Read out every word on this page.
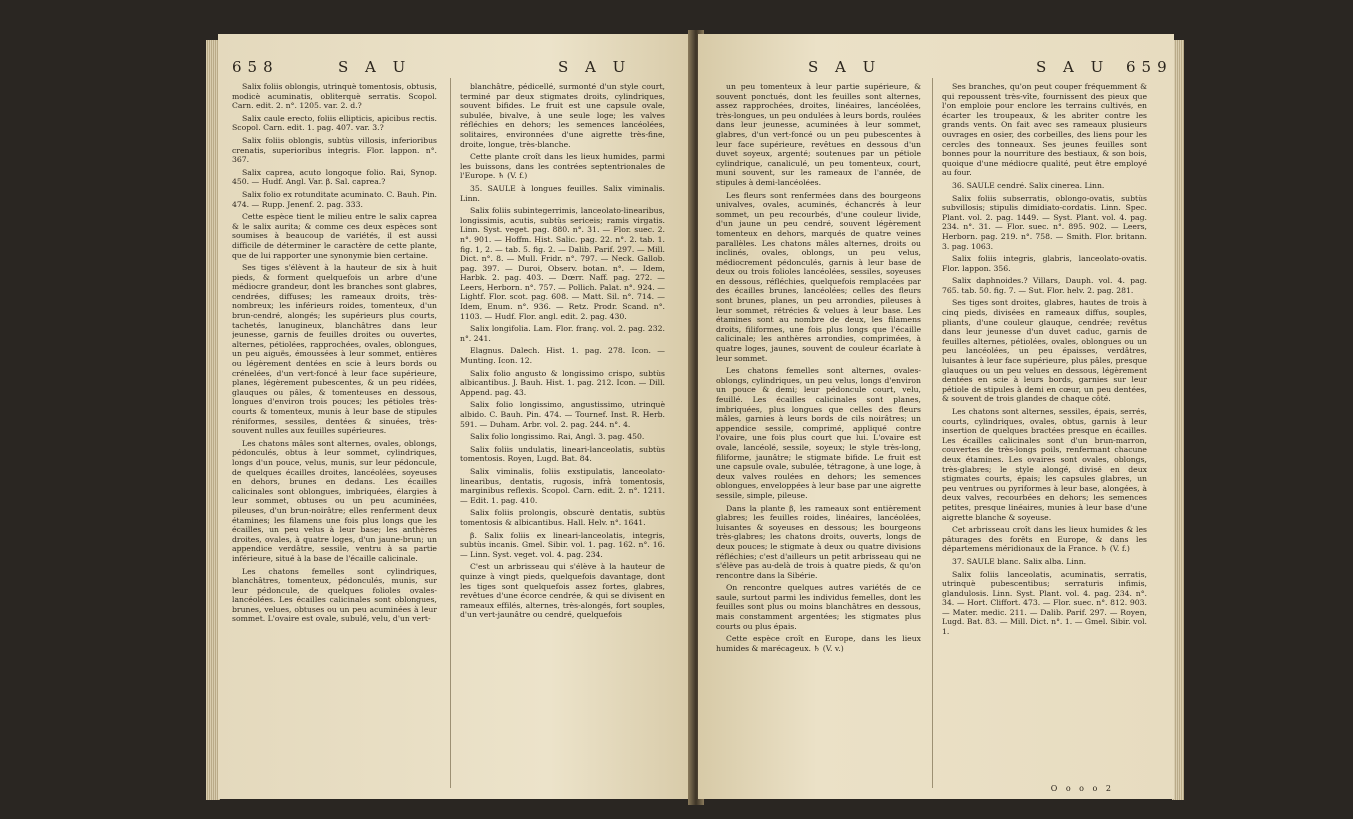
658	S A U	S A U

Salix foliis oblongis, utrinquè tomentosis, obtusis, modicè acuminatis, obliterquè serratis. Scopol. Carn. edit. 2. n°. 1205. var. 2. d.?

Salix caule erecto, foliis ellipticis, apicibus rectis. Scopol. Carn. edit. 1. pag. 407. var. 3.?

Salix foliis oblongis, subtùs villosis, inferioribus crenatis, superioribus integris. Flor. lappon. n°. 367.

Salix caprea, acuto longoque folio. Rai, Synop. 450. — Hudf. Angl. Var. β. Sal. caprea.?

Salix folio ex rotunditate acuminato. C. Bauh. Pin. 474. — Rupp. Jenenf. 2. pag. 333.

Cette espèce tient le milieu entre le salix caprea & le salix aurita; & comme ces deux espèces sont soumises à beaucoup de variétés, il est aussi difficile de déterminer le caractère de cette plante, que de lui rapporter une synonymie bien certaine.

Ses tiges s'élèvent à la hauteur de six à huit pieds, & forment quelquefois un arbre d'une médiocre grandeur, dont les branches sont glabres, cendrées, diffuses; les rameaux droits, très-nombreux; les inférieurs roides, tomenteux, d'un brun-cendré, alongés; les supérieurs plus courts, tachetés, lanugineux, blanchâtres dans leur jeunesse, garnis de feuilles droites ou ouvertes, alternes, pétiolées, rapprochées, ovales, oblongues, un peu aiguës, émoussées à leur sommet, entières ou légèrement dentées en scie à leurs bords ou crénelées, d'un vert-foncé à leur face supérieure, planes, légèrement pubescentes, & un peu ridées, glauques ou pâles, & tomenteuses en dessous, longues d'environ trois pouces; les pétioles très-courts & tomenteux, munis à leur base de stipules réniformes, sessiles, dentées & sinuées, très-souvent nulles aux feuilles supérieures.

Les chatons mâles sont alternes, ovales, oblongs, pédonculés, obtus à leur sommet, cylindriques, longs d'un pouce, velus, munis, sur leur pédoncule, de quelques écailles droites, lancéolées, soyeuses en dehors, brunes en dedans. Les écailles calicinales sont oblongues, imbriquées, élargies à leur sommet, obtuses ou un peu acuminées, pileuses, d'un brun-noirâtre; elles renferment deux étamines; les filamens une fois plus longs que les écailles, un peu velus à leur base; les anthères droites, ovales, à quatre loges, d'un jaune-brun; un appendice verdâtre, sessile, ventru à sa partie inférieure, situé à la base de l'écaille calicinale.

Les chatons femelles sont cylindriques, blanchâtres, tomenteux, pédonculés, munis, sur leur pédoncule, de quelques folioles ovales-lancéolées. Les écailles calicinales sont oblongues, brunes, velues, obtuses ou un peu acuminées à leur sommet. L'ovaire est ovale, subulé, velu, d'un vert-

blanchâtre, pédicellé, surmonté d'un style court, terminé par deux stigmates droits, cylindriques, souvent bifides. Le fruit est une capsule ovale, subulée, bivalve, à une seule loge; les valves réfléchies en dehors; les semences lancéolées, solitaires, environnées d'une aigrette très-fine, droite, longue, très-blanche.

Cette plante croît dans les lieux humides, parmi les buissons, dans les contrées septentrionales de l'Europe. ♄ (V. f.)

35. SAULE à longues feuilles. Salix viminalis. Linn.

Salix foliis subintegerrimis, lanceolato-linearibus, longissimis, acutis, subtùs sericeis; ramis virgatis. Linn. Syst. veget. pag. 880. n°. 31. — Flor. suec. 2. n°. 901. — Hoffm. Hist. Salic. pag. 22. n°. 2. tab. 1. fig. 1, 2. — tab. 5. fig. 2. — Dalib. Parif. 297. — Mill. Dict. n°. 8. — Mull. Fridr. n°. 797. — Neck. Gallob. pag. 397. — Duroi, Observ. botan. n°. — Idem, Harbk. 2. pag. 403. — Dœrr. Naff. pag. 272. — Leers, Herborn. n°. 757. — Pollich. Palat. n°. 924. — Lightf. Flor. scot. pag. 608. — Matt. Sil. n°. 714. — Idem, Enum. n°. 936. — Retz. Prodr. Scand. n°. 1103. — Hudf. Flor. angl. edit. 2. pag. 430.

Salix longifolia. Lam. Flor. franç. vol. 2. pag. 232. n°. 241.

Elagnus. Dalech. Hist. 1. pag. 278. Icon. — Munting. Icon. 12.

Salix folio angusto & longissimo crispo, subtùs albicantibus. J. Bauh. Hist. 1. pag. 212. Icon. — Dill. Append. pag. 43.

Salix folio longissimo, angustissimo, utrinquè albido. C. Bauh. Pin. 474. — Tournef. Inst. R. Herb. 591. — Duham. Arbr. vol. 2. pag. 244. n°. 4.

Salix folio longissimo. Rai, Angl. 3. pag. 450.

Salix foliis undulatis, lineari-lanceolatis, subtùs tomentosis. Royen, Lugd. Bat. 84.

Salix viminalis, foliis exstipulatis, lanceolato-linearibus, dentatis, rugosis, infrà tomentosis, marginibus reflexis. Scopol. Carn. edit. 2. n°. 1211. — Edit. 1. pag. 410.

Salix foliis prolongis, obscurè dentatis, subtùs tomentosis & albicantibus. Hall. Helv. n°. 1641.

β. Salix foliis ex lineari-lanceolatis, integris, subtùs incanis. Gmel. Sibir. vol. 1. pag. 162. n°. 16. — Linn. Syst. veget. vol. 4. pag. 234.

C'est un arbrisseau qui s'élève à la hauteur de quinze à vingt pieds, quelquefois davantage, dont les tiges sont quelquefois assez fortes, glabres, revêtues d'une écorce cendrée, & qui se divisent en rameaux effilés, alternes, très-alongés, fort souples, d'un vert-jaunâtre ou cendré, quelquefois

S A U	S A U 659

un peu tomenteux à leur partie supérieure, & souvent ponctués, dont les feuilles sont alternes, assez rapprochées, droites, linéaires, lancéolées, très-longues, un peu ondulées à leurs bords, roulées dans leur jeunesse, acuminées à leur sommet, glabres, d'un vert-foncé ou un peu pubescentes à leur face supérieure, revêtues en dessous d'un duvet soyeux, argenté; soutenues par un pétiole cylindrique, canaliculé, un peu tomenteux, court, muni souvent, sur les rameaux de l'année, de stipules à demi-lancéolées.

Les fleurs sont renfermées dans des bourgeons univalves, ovales, acuminés, échancrés à leur sommet, un peu recourbés, d'une couleur livide, d'un jaune un peu cendré, souvent légèrement tomenteux en dehors, marqués de quatre veines parallèles. Les chatons mâles alternes, droits ou inclinés, ovales, oblongs, un peu velus, médiocrement pédonculés, garnis à leur base de deux ou trois folioles lancéolées, sessiles, soyeuses en dessous, réfléchies, quelquefois remplacées par des écailles brunes, lancéolées; celles des fleurs sont brunes, planes, un peu arrondies, pileuses à leur sommet, rétrécies & velues à leur base. Les étamines sont au nombre de deux, les filamens droits, filiformes, une fois plus longs que l'écaille calicinale; les anthères arrondies, comprimées, à quatre loges, jaunes, souvent de couleur écarlate à leur sommet.

Les chatons femelles sont alternes, ovales-oblongs, cylindriques, un peu velus, longs d'environ un pouce & demi; leur pédoncule court, velu, feuillé. Les écailles calicinales sont planes, imbriquées, plus longues que celles des fleurs mâles, garnies à leurs bords de cils noirâtres; un appendice sessile, comprimé, appliqué contre l'ovaire, une fois plus court que lui. L'ovaire est ovale, lancéolé, sessile, soyeux; le style très-long, filiforme, jaunâtre; le stigmate bifide. Le fruit est une capsule ovale, subulée, tétragone, à une loge, à deux valves roulées en dehors; les semences oblongues, enveloppées à leur base par une aigrette sessile, simple, pileuse.

Dans la plante β, les rameaux sont entièrement glabres; les feuilles roides, linéaires, lancéolées, luisantes & soyeuses en dessous; les bourgeons très-glabres; les chatons droits, ouverts, longs de deux pouces; le stigmate à deux ou quatre divisions réfléchies; c'est d'ailleurs un petit arbrisseau qui ne s'élève pas au-delà de trois à quatre pieds, & qu'on rencontre dans la Sibérie.

On rencontre quelques autres variétés de ce saule, surtout parmi les individus femelles, dont les feuilles sont plus ou moins blanchâtres en dessous, mais constamment argentées; les stigmates plus courts ou plus épais.

Cette espèce croît en Europe, dans les lieux humides & marécageux. ♄ (V. v.)

Ses branches, qu'on peut couper fréquemment & qui repoussent très-vîte, fournissent des pieux que l'on emploie pour enclore les terrains cultivés, en écarter les troupeaux, & les abriter contre les grands vents. On fait avec ses rameaux plusieurs ouvrages en osier, des corbeilles, des liens pour les cercles des tonneaux. Ses jeunes feuilles sont bonnes pour la nourriture des bestiaux, & son bois, quoique d'une médiocre qualité, peut être employé au four.

36. SAULE cendré. Salix cinerea. Linn.

Salix foliis subserratis, oblongo-ovatis, subtùs subvillosis; stipulis dimidiato-cordatis. Linn. Spec. Plant. vol. 2. pag. 1449. — Syst. Plant. vol. 4. pag. 234. n°. 31. — Flor. suec. n°. 895. 902. — Leers, Herborn. pag. 219. n°. 758. — Smith. Flor. britann. 3. pag. 1063.

Salix foliis integris, glabris, lanceolato-ovatis. Flor. lappon. 356.

Salix daphnoides.? Villars, Dauph. vol. 4. pag. 765. tab. 50. fig. 7. — Sut. Flor. helv. 2. pag. 281.

Ses tiges sont droites, glabres, hautes de trois à cinq pieds, divisées en rameaux diffus, souples, pliants, d'une couleur glauque, cendrée; revêtus dans leur jeunesse d'un duvet caduc, garnis de feuilles alternes, pétiolées, ovales, oblongues ou un peu lancéolées, un peu épaisses, verdâtres, luisantes à leur face supérieure, plus pâles, presque glauques ou un peu velues en dessous, légèrement dentées en scie à leurs bords, garnies sur leur pétiole de stipules à demi en cœur, un peu dentées, & souvent de trois glandes de chaque côté.

Les chatons sont alternes, sessiles, épais, serrés, courts, cylindriques, ovales, obtus, garnis à leur insertion de quelques bractées presque en écailles. Les écailles calicinales sont d'un brun-marron, couvertes de très-longs poils, renfermant chacune deux étamines. Les ovaires sont ovales, oblongs, très-glabres; le style alongé, divisé en deux stigmates courts, épais; les capsules glabres, un peu ventrues ou pyriformes à leur base, alongées, à deux valves, recourbées en dehors; les semences petites, presque linéaires, munies à leur base d'une aigrette blanche & soyeuse.

Cet arbrisseau croît dans les lieux humides & les pâturages des forêts en Europe, & dans les départemens méridionaux de la France. ♄ (V. f.)

37. SAULE blanc. Salix alba. Linn.

Salix foliis lanceolatis, acuminatis, serratis, utrinquè pubescentibus; serraturis infimis, glandulosis. Linn. Syst. Plant. vol. 4. pag. 234. n°. 34. — Hort. Cliffort. 473. — Flor. suec. n°. 812. 903. — Mater. medic. 211. — Dalib. Parif. 297. — Royen, Lugd. Bat. 83. — Mill. Dict. n°. 1. — Gmel. Sibir. vol. 1.

O o o o 2
